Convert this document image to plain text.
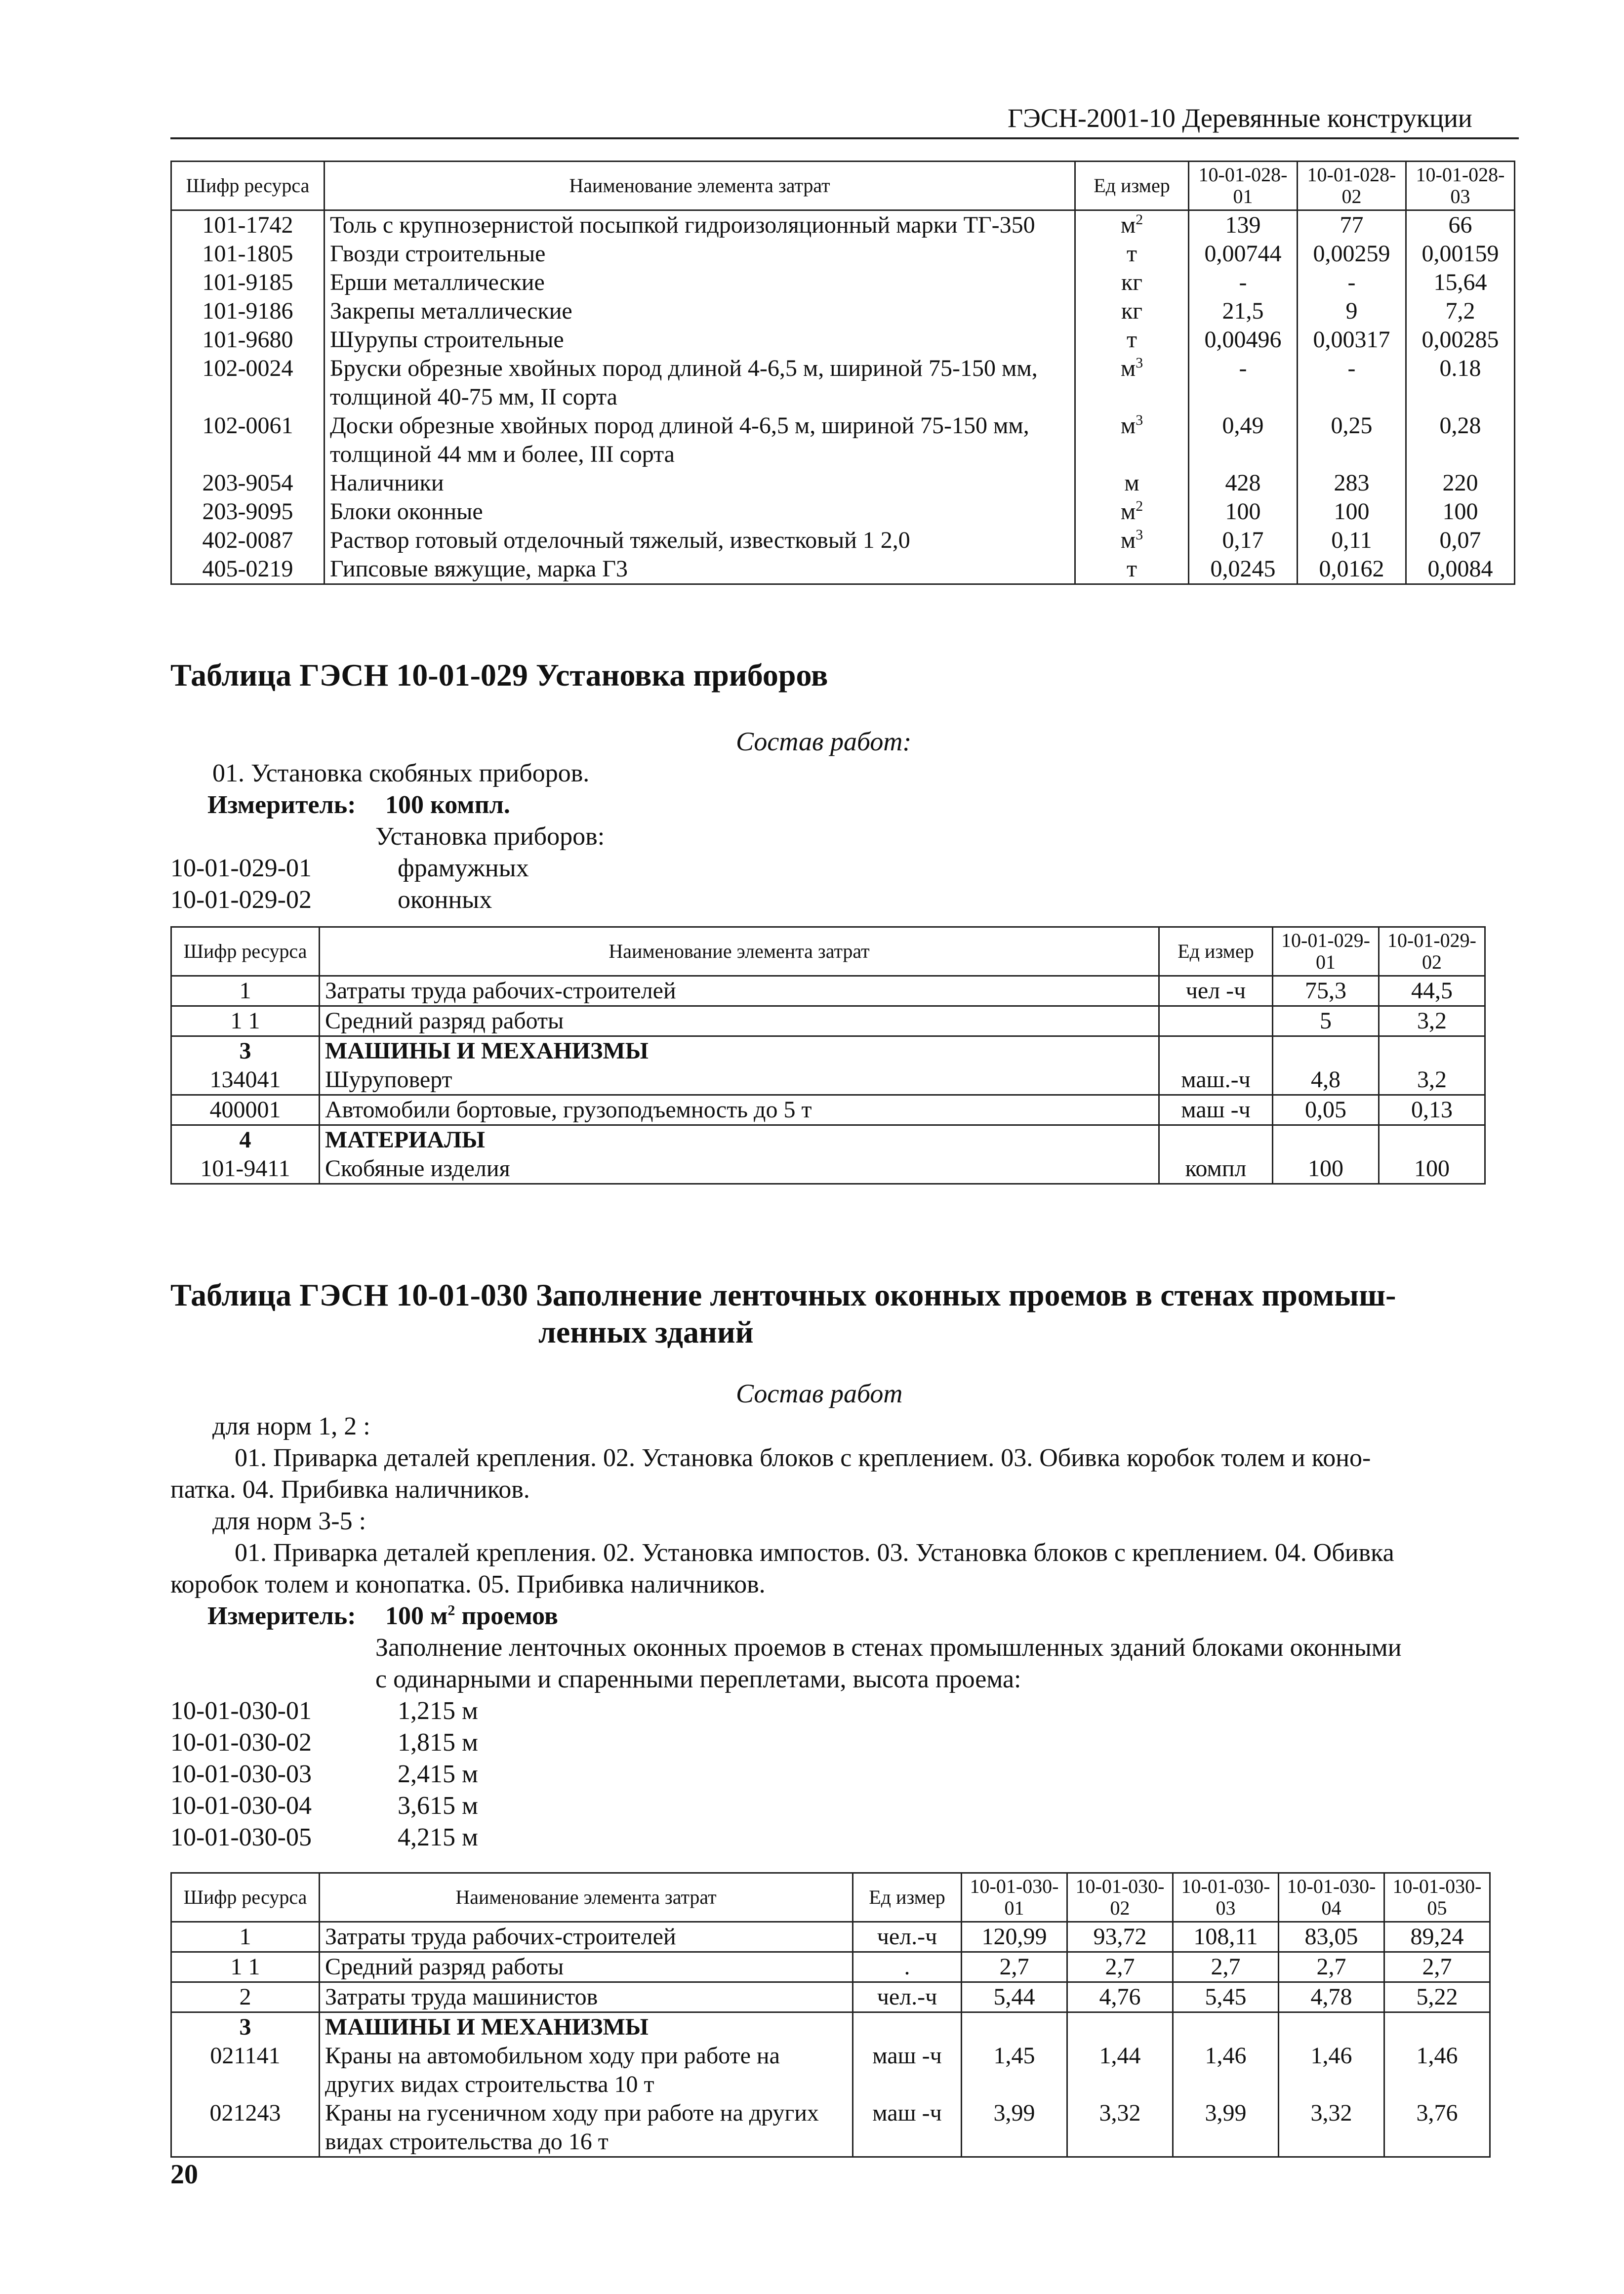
ГЭСН-2001-10 Деревянные конструкции
Шифр ресурса	Наименование элемента затрат	Ед измер	10-01-028-01	10-01-028-02	10-01-028-03
101-1742	Толь с крупнозернистой посыпкой гидроизоляционный марки ТГ-350	$м^2$	139	77	66
101-1805	Гвозди строительные	т	0,00744	0,00259	0,00159
101-9185	Ерши металлические	кг	-	-	15,64
101-9186	Закрепы металлические	кг	21,5	9	7,2
101-9680	Шурупы строительные	т	0,00496	0,00317	0,00285
102-0024	Бруски обрезные хвойных пород длиной 4-6,5 м, шириной 75-150 мм, толщиной 40-75 мм, II сорта	$м^3$	-	-	0.18
102-0061	Доски обрезные хвойных пород длиной 4-6,5 м, шириной 75-150 мм, толщиной 44 мм и более, III сорта	$м^3$	0,49	0,25	0,28
203-9054	Наличники	м	428	283	220
203-9095	Блоки оконные	$м^2$	100	100	100
402-0087	Раствор готовый отделочный тяжелый, известковый 1 2,0	$м^3$	0,17	0,11	0,07
405-0219	Гипсовые вяжущие, марка Г3	т	0,0245	0,0162	0,0084
Таблица ГЭСН 10-01-029 Установка приборов
Состав работ:
01. Установка скобяных приборов.
Измеритель: 100 компл.
Установка приборов:
10-01-029-01	фрамужных
10-01-029-02	оконных
Шифр ресурса	Наименование элемента затрат	Ед измер	10-01-029-01	10-01-029-02
1	Затраты труда рабочих-строителей	чел -ч	75,3	44,5
1 1	Средний разряд работы		5	3,2
3	МАШИНЫ И МЕХАНИЗМЫ			
134041	Шуруповерт	маш.-ч	4,8	3,2
400001	Автомобили бортовые, грузоподъемность до 5 т	маш -ч	0,05	0,13
4	МАТЕРИАЛЫ			
101-9411	Скобяные изделия	компл	100	100
Таблица ГЭСН 10-01-030 Заполнение ленточных оконных проемов в стенах промыш-
ленных зданий
Состав работ
для норм 1, 2 :
01. Приварка деталей крепления. 02. Установка блоков с креплением. 03. Обивка коробок толем и коно-
патка. 04. Прибивка наличников.
для норм 3-5 :
01. Приварка деталей крепления. 02. Установка импостов. 03. Установка блоков с креплением. 04. Обивка
коробок толем и конопатка. 05. Прибивка наличников.
Измеритель: 100 $м^2$ проемов
Заполнение ленточных оконных проемов в стенах промышленных зданий блоками оконными
с одинарными и спаренными переплетами, высота проема:
10-01-030-01	1,215 м
10-01-030-02	1,815 м
10-01-030-03	2,415 м
10-01-030-04	3,615 м
10-01-030-05	4,215 м
Шифр ресурса	Наименование элемента затрат	Ед измер	10-01-030-01	10-01-030-02	10-01-030-03	10-01-030-04	10-01-030-05
1	Затраты труда рабочих-строителей	чел.-ч	120,99	93,72	108,11	83,05	89,24
1 1	Средний разряд работы	.	2,7	2,7	2,7	2,7	2,7
2	Затраты труда машинистов	чел.-ч	5,44	4,76	5,45	4,78	5,22
3	МАШИНЫ И МЕХАНИЗМЫ						
021141	Краны на автомобильном ходу при работе на других видах строительства 10 т	маш -ч	1,45	1,44	1,46	1,46	1,46
021243	Краны на гусеничном ходу при работе на других видах строительства до 16 т	маш -ч	3,99	3,32	3,99	3,32	3,76
20
